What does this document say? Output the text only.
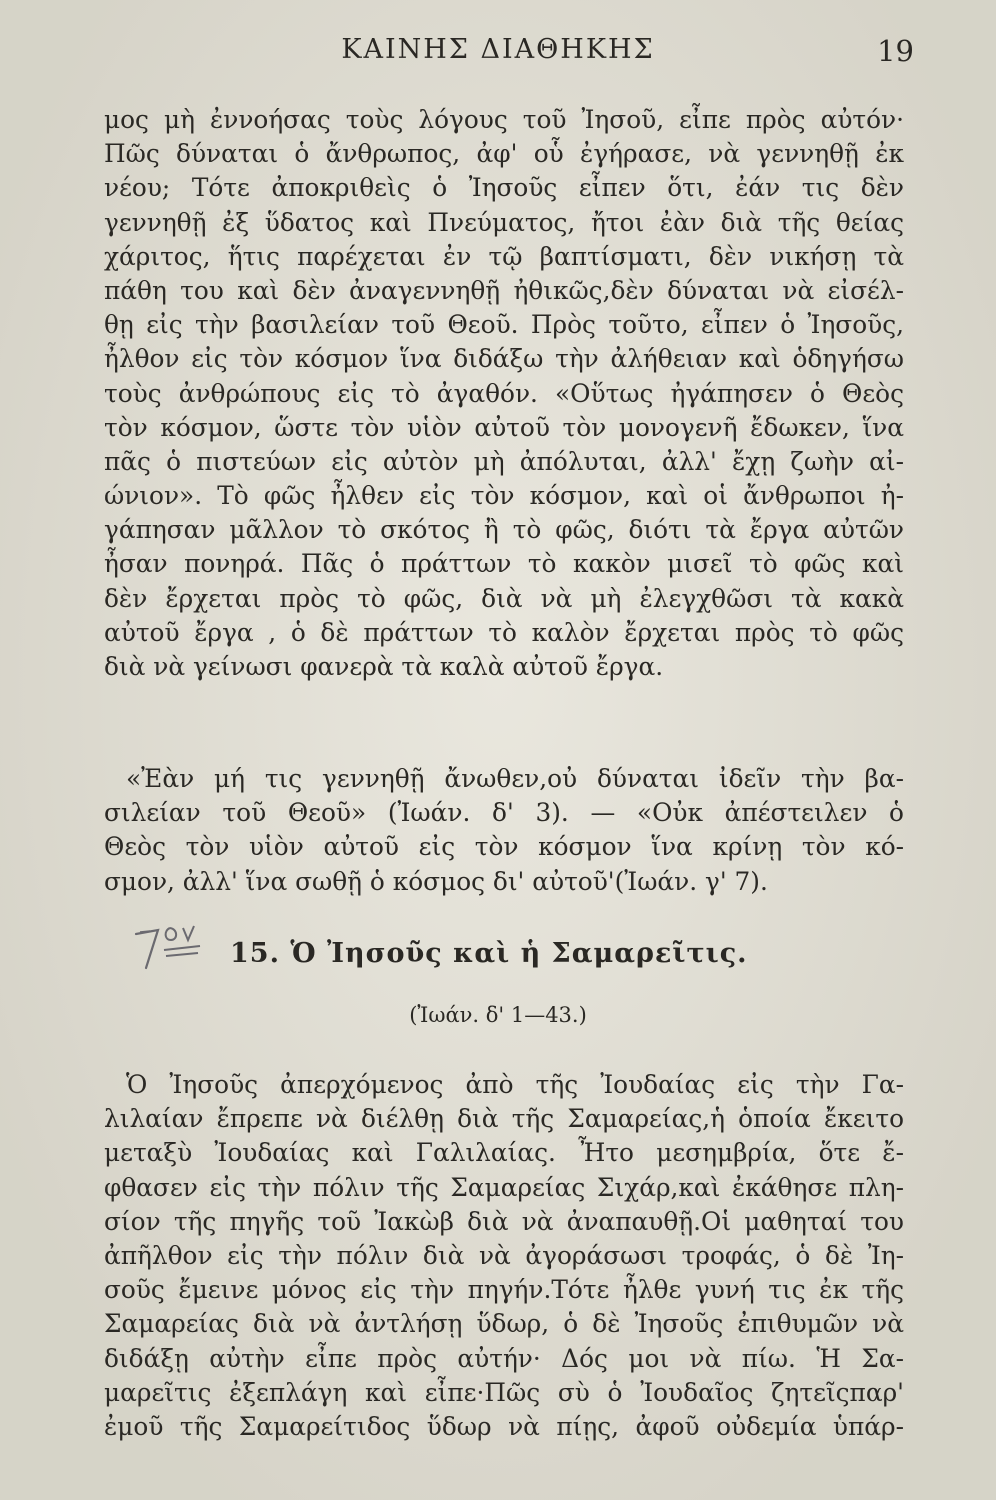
ΚΑΙΝΗΣ ΔΙΑΘΗΚΗΣ	19
μος μὴ ἐννοήσας τοὺς λόγους τοῦ Ἰησοῦ, εἶπε πρὸς αὐτόν·
Πῶς δύναται ὁ ἄνθρωπος, ἀφ' οὗ ἐγήρασε, νὰ γεννηθῇ ἐκ
νέου; Τότε ἀποκριθεὶς ὁ Ἰησοῦς εἶπεν ὅτι, ἐάν τις δὲν
γεννηθῇ ἐξ ὕδατος καὶ Πνεύματος, ἤτοι ἐὰν διὰ τῆς θείας
χάριτος, ἥτις παρέχεται ἐν τῷ βαπτίσματι, δὲν νικήσῃ τὰ
πάθη του καὶ δὲν ἀναγεννηθῇ ἠθικῶς,δὲν δύναται νὰ εἰσέλ-
θῃ εἰς τὴν βασιλείαν τοῦ Θεοῦ. Πρὸς τοῦτο, εἶπεν ὁ Ἰησοῦς,
ἦλθον εἰς τὸν κόσμον ἵνα διδάξω τὴν ἀλήθειαν καὶ ὁδηγήσω
τοὺς ἀνθρώπους εἰς τὸ ἀγαθόν. «Οὕτως ἠγάπησεν ὁ Θεὸς
τὸν κόσμον, ὥστε τὸν υἱὸν αὐτοῦ τὸν μονογενῆ ἔδωκεν, ἵνα
πᾶς ὁ πιστεύων εἰς αὐτὸν μὴ ἀπόλυται, ἀλλ' ἔχῃ ζωὴν αἰ-
ώνιον». Τὸ φῶς ἦλθεν εἰς τὸν κόσμον, καὶ οἱ ἄνθρωποι ἠ-
γάπησαν μᾶλλον τὸ σκότος ἢ τὸ φῶς, διότι τὰ ἔργα αὐτῶν
ἦσαν πονηρά. Πᾶς ὁ πράττων τὸ κακὸν μισεῖ τὸ φῶς καὶ
δὲν ἔρχεται πρὸς τὸ φῶς, διὰ νὰ μὴ ἐλεγχθῶσι τὰ κακὰ
αὐτοῦ ἔργα , ὁ δὲ πράττων τὸ καλὸν ἔρχεται πρὸς τὸ φῶς
διὰ νὰ γείνωσι φανερὰ τὰ καλὰ αὐτοῦ ἔργα.
«Ἐὰν μή τις γεννηθῇ ἄνωθεν,οὐ δύναται ἰδεῖν τὴν βα-
σιλείαν τοῦ Θεοῦ» (Ἰωάν. δ' 3). — «Οὐκ ἀπέστειλεν ὁ
Θεὸς τὸν υἱὸν αὐτοῦ εἰς τὸν κόσμον ἵνα κρίνῃ τὸν κό-
σμον, ἀλλ' ἵνα σωθῇ ὁ κόσμος δι' αὐτοῦ'(Ἰωάν. γ' 7).
15. Ὁ Ἰησοῦς καὶ ἡ Σαμαρεῖτις.
(Ἰωάν. δ' 1—43.)
Ὁ Ἰησοῦς ἀπερχόμενος ἀπὸ τῆς Ἰουδαίας εἰς τὴν Γα-
λιλαίαν ἔπρεπε νὰ διέλθῃ διὰ τῆς Σαμαρείας,ἡ ὁποία ἔκειτο
μεταξὺ Ἰουδαίας καὶ Γαλιλαίας. Ἦτο μεσημβρία, ὅτε ἔ-
φθασεν εἰς τὴν πόλιν τῆς Σαμαρείας Σιχάρ,καὶ ἐκάθησε πλη-
σίον τῆς πηγῆς τοῦ Ἰακὼβ διὰ νὰ ἀναπαυθῇ.Οἱ μαθηταί του
ἀπῆλθον εἰς τὴν πόλιν διὰ νὰ ἀγοράσωσι τροφάς, ὁ δὲ Ἰη-
σοῦς ἔμεινε μόνος εἰς τὴν πηγήν.Τότε ἦλθε γυνή τις ἐκ τῆς
Σαμαρείας διὰ νὰ ἀντλήσῃ ὕδωρ, ὁ δὲ Ἰησοῦς ἐπιθυμῶν νὰ
διδάξῃ αὐτὴν εἶπε πρὸς αὐτήν· Δός μοι νὰ πίω. Ἡ Σα-
μαρεῖτις ἐξεπλάγη καὶ εἶπε·Πῶς σὺ ὁ Ἰουδαῖος ζητεῖςπαρ'
ἐμοῦ τῆς Σαμαρείτιδος ὕδωρ νὰ πίῃς, ἀφοῦ οὐδεμία ὑπάρ-
